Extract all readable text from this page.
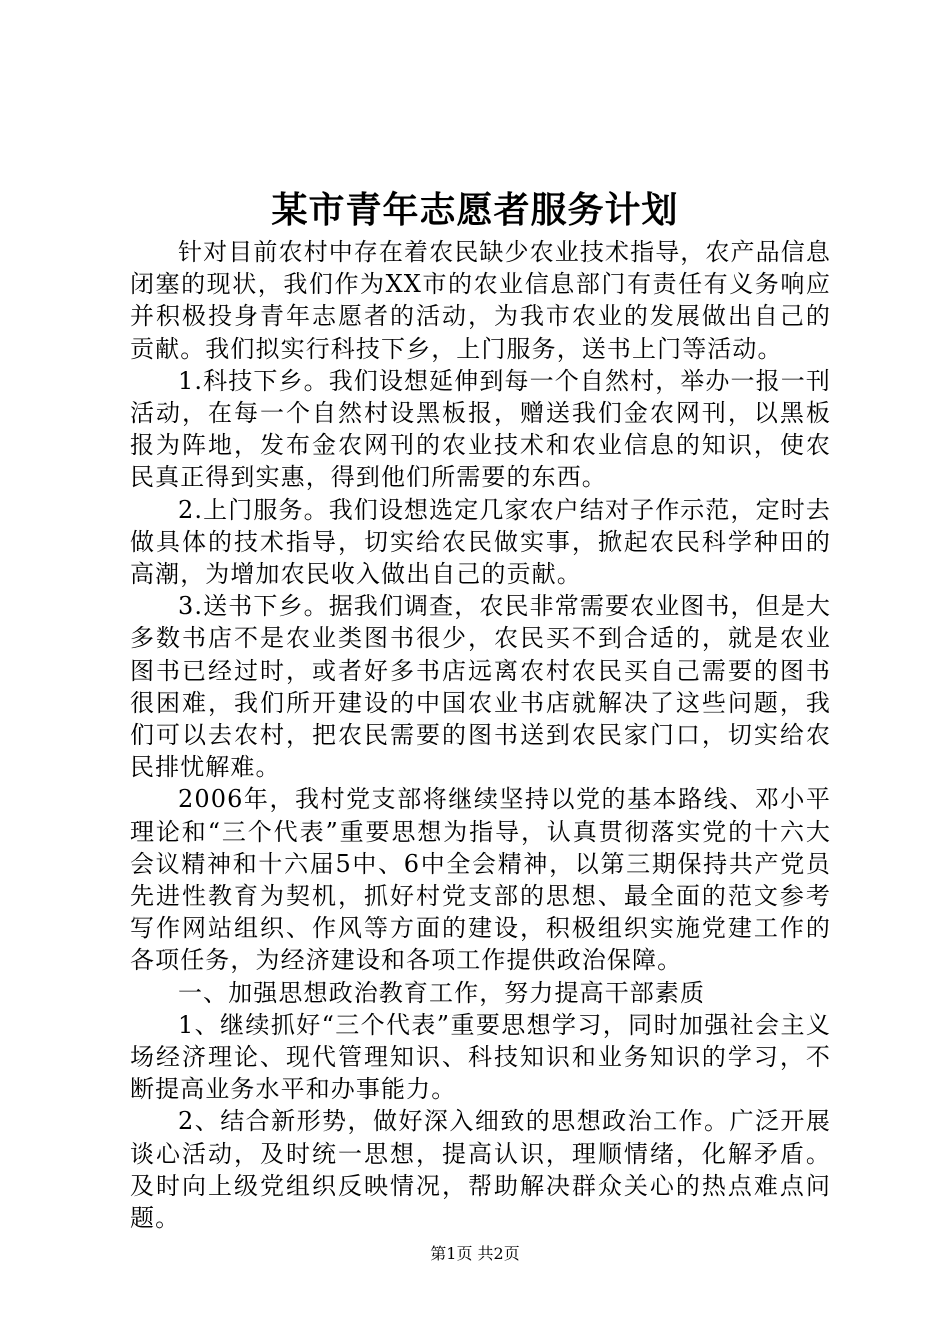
某市青年志愿者服务计划

针对目前农村中存在着农民缺少农业技术指导，农产品信息闭塞的现状，我们作为XX市的农业信息部门有责任有义务响应并积极投身青年志愿者的活动，为我市农业的发展做出自己的贡献。我们拟实行科技下乡，上门服务，送书上门等活动。

1.科技下乡。我们设想延伸到每一个自然村，举办一报一刊活动，在每一个自然村设黑板报，赠送我们金农网刊，以黑板报为阵地，发布金农网刊的农业技术和农业信息的知识，使农民真正得到实惠，得到他们所需要的东西。

2.上门服务。我们设想选定几家农户结对子作示范，定时去做具体的技术指导，切实给农民做实事，掀起农民科学种田的高潮，为增加农民收入做出自己的贡献。

3.送书下乡。据我们调查，农民非常需要农业图书，但是大多数书店不是农业类图书很少，农民买不到合适的，就是农业图书已经过时，或者好多书店远离农村农民买自己需要的图书很困难，我们所开建设的中国农业书店就解决了这些问题，我们可以去农村，把农民需要的图书送到农民家门口，切实给农民排忧解难。

2006年，我村党支部将继续坚持以党的基本路线、邓小平理论和“三个代表”重要思想为指导，认真贯彻落实党的十六大会议精神和十六届5中、6中全会精神，以第三期保持共产党员先进性教育为契机，抓好村党支部的思想、最全面的范文参考写作网站组织、作风等方面的建设，积极组织实施党建工作的各项任务，为经济建设和各项工作提供政治保障。

一、加强思想政治教育工作，努力提高干部素质

1、继续抓好“三个代表”重要思想学习，同时加强社会主义场经济理论、现代管理知识、科技知识和业务知识的学习，不断提高业务水平和办事能力。

2、结合新形势，做好深入细致的思想政治工作。广泛开展谈心活动，及时统一思想，提高认识，理顺情绪，化解矛盾。及时向上级党组织反映情况，帮助解决群众关心的热点难点问题。

第1页 共2页
